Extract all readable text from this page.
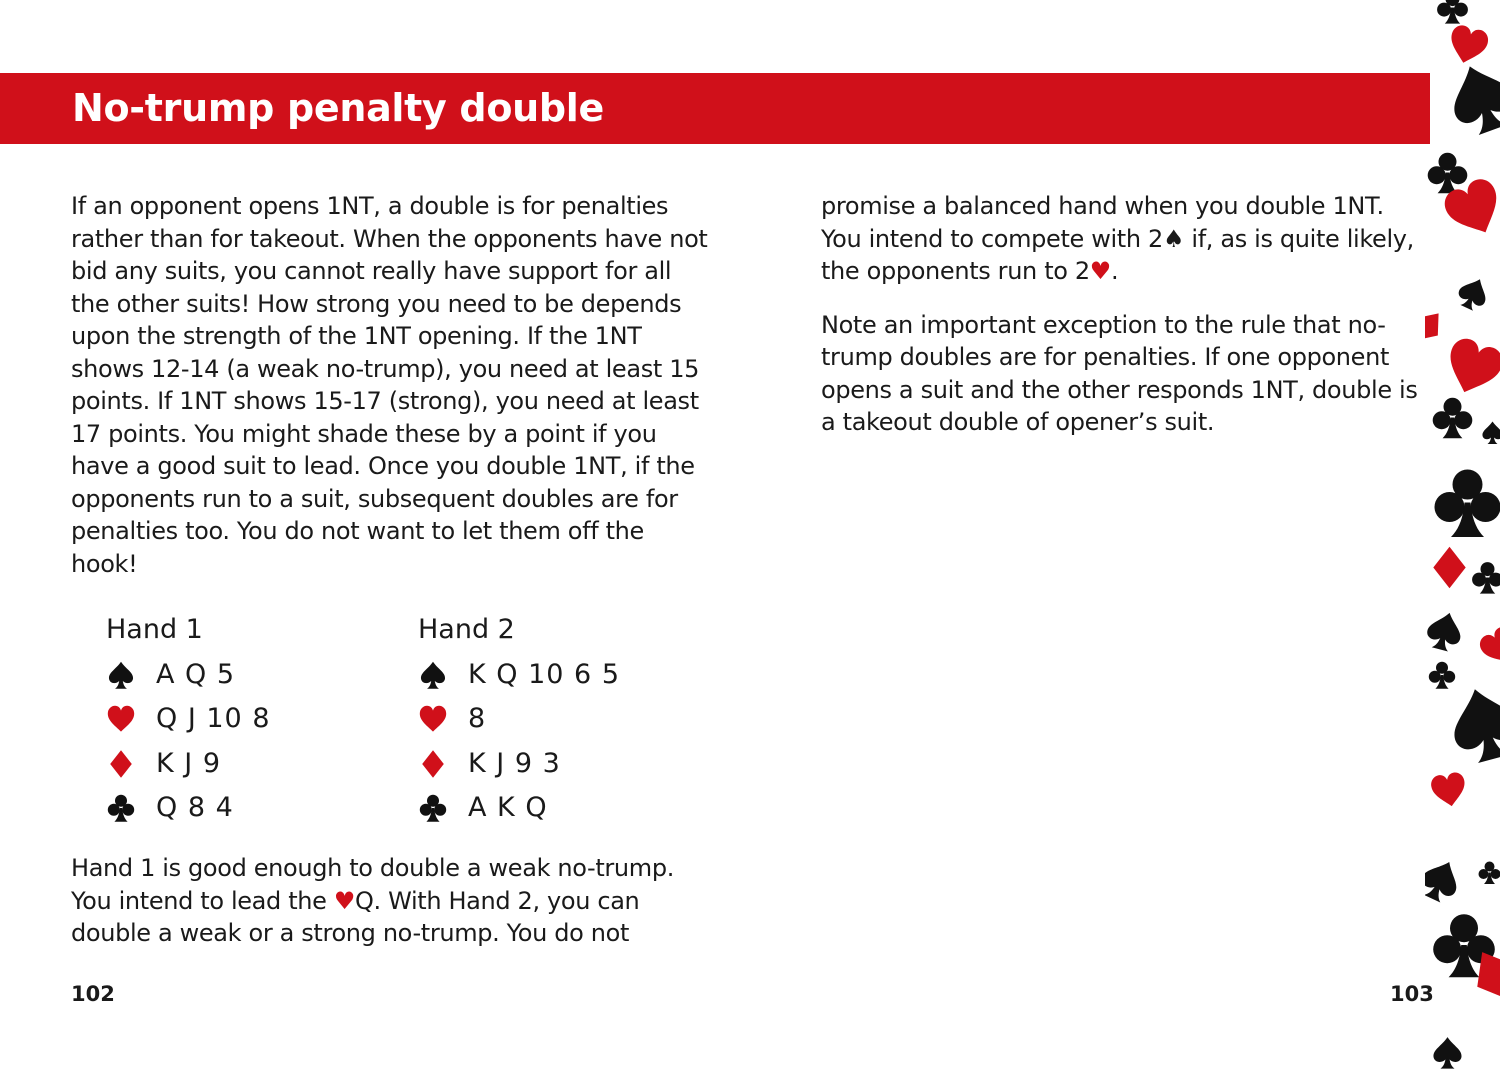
No-trump penalty double

If an opponent opens 1NT, a double is for penalties rather than for takeout. When the opponents have not bid any suits, you cannot really have support for all the other suits! How strong you need to be depends upon the strength of the 1NT opening. If the 1NT shows 12-14 (a weak no-trump), you need at least 15 points. If 1NT shows 15-17 (strong), you need at least 17 points. You might shade these by a point if you have a good suit to lead. Once you double 1NT, if the opponents run to a suit, subsequent doubles are for penalties too. You do not want to let them off the hook!

Hand 1
A Q 5
Q J 10 8
K J 9
Q 8 4
Hand 2
K Q 10 6 5
8
K J 9 3
A K Q

Hand 1 is good enough to double a weak no-trump. You intend to lead the ♥Q. With Hand 2, you can double a weak or a strong no-trump. You do not

promise a balanced hand when you double 1NT. You intend to compete with 2♠ if, as is quite likely, the opponents run to 2♥.

Note an important exception to the rule that no-trump doubles are for penalties. If one opponent opens a suit and the other responds 1NT, double is a takeout double of opener’s suit.

102	103
